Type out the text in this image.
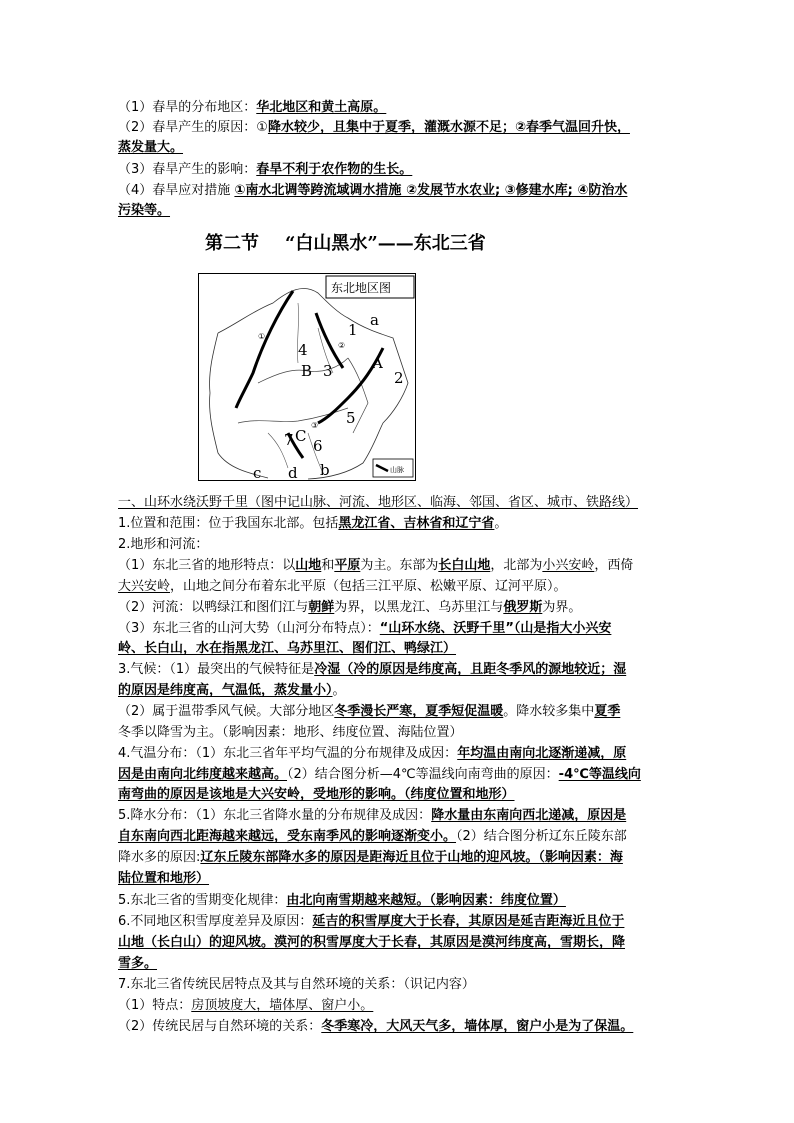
（1）春旱的分布地区：华北地区和黄土高原。
（2）春旱产生的原因：①降水较少，且集中于夏季，灌溉水源不足；②春季气温回升快，
蒸发量大。
（3）春旱产生的影响：春旱不利于农作物的生长。
（4）春旱应对措施 ①南水北调等跨流域调水措施 ②发展节水农业; ③修建水库; ④防治水
污染等。
第二节 “白山黑水”——东北三省
东北地区图
a
1
2
4
B 3	A
5
7 C
6
c d b
①
②
③
山脉
一、山环水绕沃野千里（图中记山脉、河流、地形区、临海、邻国、省区、城市、铁路线）
1.位置和范围：位于我国东北部。包括黑龙江省、吉林省和辽宁省。
2.地形和河流：
（1）东北三省的地形特点：以山地和平原为主。东部为长白山地，北部为小兴安岭，西倚
大兴安岭，山地之间分布着东北平原（包括三江平原、松嫩平原、辽河平原）。
（2）河流：以鸭绿江和图们江与朝鲜为界，以黑龙江、乌苏里江与俄罗斯为界。
（3）东北三省的山河大势（山河分布特点）：“山环水绕、沃野千里”（山是指大小兴安
岭、长白山，水在指黑龙江、乌苏里江、图们江、鸭绿江）
3.气候：（1）最突出的气候特征是冷湿（冷的原因是纬度高，且距冬季风的源地较近；湿
的原因是纬度高，气温低，蒸发量小）。
（2）属于温带季风气候。大部分地区冬季漫长严寒，夏季短促温暖。降水较多集中夏季
冬季以降雪为主。（影响因素：地形、纬度位置、海陆位置）
4.气温分布：（1）东北三省年平均气温的分布规律及成因：年均温由南向北逐渐递减，原
因是由南向北纬度越来越高。（2）结合图分析—4℃等温线向南弯曲的原因：-4℃等温线向
南弯曲的原因是该地是大兴安岭，受地形的影响。（纬度位置和地形）
5.降水分布：（1）东北三省降水量的分布规律及成因：降水量由东南向西北递减，原因是
自东南向西北距海越来越远，受东南季风的影响逐渐变小。（2）结合图分析辽东丘陵东部
降水多的原因:辽东丘陵东部降水多的原因是距海近且位于山地的迎风坡。（影响因素：海
陆位置和地形）
5.东北三省的雪期变化规律：由北向南雪期越来越短。（影响因素：纬度位置）
6.不同地区积雪厚度差异及原因：延吉的积雪厚度大于长春，其原因是延吉距海近且位于
山地（长白山）的迎风坡。漠河的积雪厚度大于长春，其原因是漠河纬度高，雪期长，降
雪多。
7.东北三省传统民居特点及其与自然环境的关系：（识记内容）
（1）特点：房顶坡度大，墙体厚、窗户小。
（2）传统民居与自然环境的关系：冬季寒冷，大风天气多，墙体厚，窗户小是为了保温。
